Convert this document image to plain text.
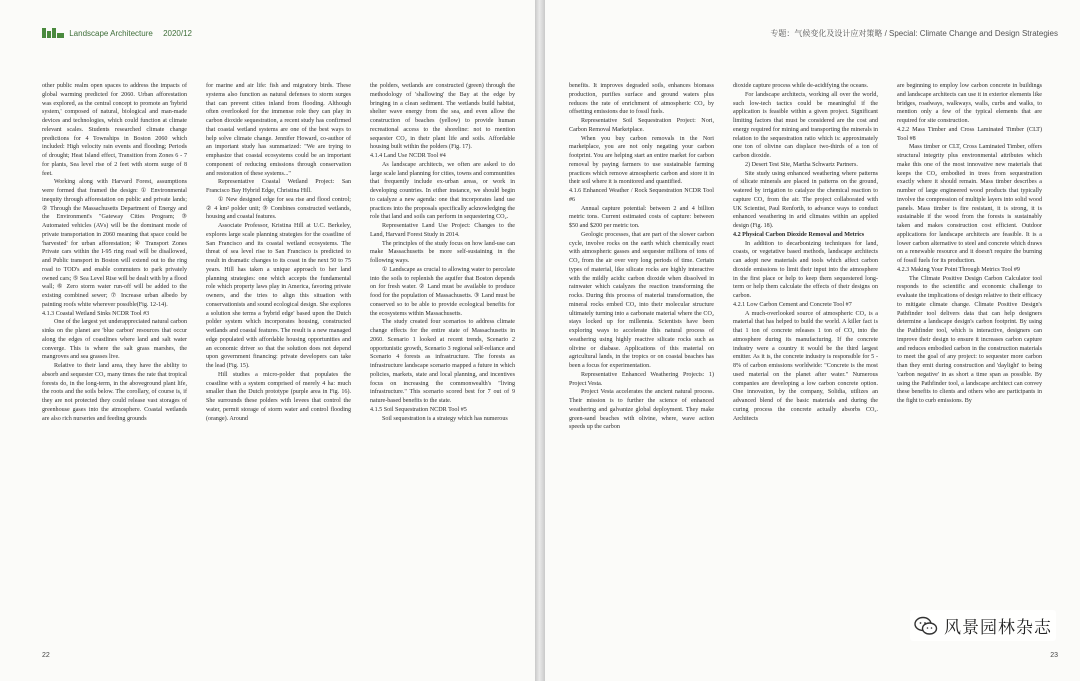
Landscape Architecture 2020/12

other public realm open spaces to address the impacts of global warming predicted for 2060. Urban afforestation was explored, as the central concept to promote an 'hybrid system,' composed of natural, biological and man-made devices and technologies, which could function at climate relevant scales. Students researched climate change predictions for 4 Townships in Boston 2060 which included: High velocity rain events and flooding; Periods of drought; Heat Island effect, Transition from Zones 6 - 7 for plants, Sea level rise of 2 feet with storm surge of 8 feet.

Working along with Harvard Forest, assumptions were formed that framed the design: ① Environmental inequity through afforestation on public and private lands; ② Through the Massachusetts Department of Energy and the Environment's "Gateway Cities Program; ③ Automated vehicles (AVs) will be the dominant mode of private transportation in 2060 meaning that space could be 'harvested' for urban afforestation; ④ Transport Zones Private cars within the I-95 ring road will be disallowed, and Public transport in Boston will extend out to the ring road to TOD's and enable commuters to park privately owned cars; ⑤ Sea Level Rise will be dealt with by a flood wall; ⑥ Zero storm water run-off will be added to the existing combined sewer; ⑦ Increase urban albedo by painting roofs white wherever possible(Fig. 12-14).

4.1.3 Coastal Wetland Sinks NCDR Tool #3

One of the largest yet underappreciated natural carbon sinks on the planet are 'blue carbon' resources that occur along the edges of coastlines where land and salt water converge. This is where the salt grass marshes, the mangroves and sea grasses live.

Relative to their land area, they have the ability to absorb and sequester CO₂ many times the rate that tropical forests do, in the long-term, in the aboveground plant life, the roots and the soils below. The corollary, of course is, if they are not protected they could release vast storages of greenhouse gases into the atmosphere. Coastal wetlands are also rich nurseries and feeding grounds

for marine and air life: fish and migratory birds. These systems also function as natural defenses to storm surges that can prevent cities inland from flooding. Although often overlooked for the immense role they can play in carbon dioxide sequestration, a recent study has confirmed that coastal wetland systems are one of the best ways to help solve climate change. Jennifer Howard, co-author of an important study has summarized: "We are trying to emphasize that coastal ecosystems could be an important component of reducing emissions through conservation and restoration of these systems..."

Representative Coastal Wetland Project: San Francisco Bay Hybrid Edge, Christina Hill.

① New designed edge for sea rise and flood control; ② 4 km² polder unit; ③ Combines constructed wetlands, housing and coastal features.

Associate Professor, Kristina Hill at U.C. Berkeley, explores large scale planning strategies for the coastline of San Francisco and its coastal wetland ecosystems. The threat of sea level rise to San Francisco is predicted to result in dramatic changes to its coast in the next 50 to 75 years. Hill has taken a unique approach to her land planning strategies: one which accepts the fundamental role which property laws play in America, favoring private owners, and the tries to align this situation with conservationists and sound ecological design. She explores a solution she terms a 'hybrid edge' based upon the Dutch polder system which incorporates housing, constructed wetlands and coastal features. The result is a new managed edge populated with affordable housing opportunities and an economic driver so that the solution does not depend upon government financing: private developers can take the lead (Fig. 15).

Hill studies a micro-polder that populates the coastline with a system comprised of merely 4 ha: much smaller than the Dutch prototype (purple area in Fig. 16). She surrounds these polders with levees that control the water, permit storage of storm water and control flooding (orange). Around

the polders, wetlands are constructed (green) through the methodology of 'shallowing' the Bay at the edge by bringing in a clean sediment. The wetlands build habitat, shelter wave energy from the sea, and even allow the construction of beaches (yellow) to provide human recreational access to the shoreline: not to mention sequester CO₂ in their plant life and soils. Affordable housing built within the polders (Fig. 17).

4.1.4 Land Use NCDR Tool #4

As landscape architects, we often are asked to do large scale land planning for cities, towns and communities that frequently include ex-urban areas, or work in developing countries. In either instance, we should begin to catalyze a new agenda: one that incorporates land use practices into the proposals specifically acknowledging the role that land and soils can perform in sequestering CO₂.

Representative Land Use Project: Changes to the Land, Harvard Forest Study in 2014.

The principles of the study focus on how land-use can make Massachusetts be more self-sustaining in the following ways.

① Landscape as crucial to allowing water to percolate into the soils to replenish the aquifer that Boston depends on for fresh water. ② Land must be available to produce food for the population of Massachusetts. ③ Land must be conserved so to be able to provide ecological benefits for the ecosystems within Massachusetts.

The study created four scenarios to address climate change effects for the entire state of Massachusetts in 2060. Scenario 1 looked at recent trends, Scenario 2 opportunistic growth, Scenario 3 regional self-reliance and Scenario 4 forests as infrastructure. The forests as infrastructure landscape scenario mapped a future in which policies, markets, state and local planning, and incentives focus on increasing the commonwealth's "living infrastructure." This scenario scored best for 7 out of 9 nature-based benefits to the state.

4.1.5 Soil Sequestration NCDR Tool #5

Soil sequestration is a strategy which has numerous

22
专题：气候变化及设计应对策略 / Special: Climate Change and Design Strategies

benefits. It improves degraded soils, enhances biomass production, purifies surface and ground waters plus reduces the rate of enrichment of atmospheric CO₂ by offsetting emissions due to fossil fuels.

Representative Soil Sequestration Project: Nori, Carbon Removal Marketplace.

When you buy carbon removals in the Nori marketplace, you are not only negating your carbon footprint. You are helping start an entire market for carbon removal by paying farmers to use sustainable farming practices which remove atmospheric carbon and store it in their soil where it is monitored and quantified.

4.1.6 Enhanced Weather / Rock Sequestration NCDR Tool #6

Annual capture potential: between 2 and 4 billion metric tons. Current estimated costs of capture: between $50 and $200 per metric ton.

Geologic processes, that are part of the slower carbon cycle, involve rocks on the earth which chemically react with atmospheric gasses and sequester millions of tons of CO₂ from the air over very long periods of time. Certain types of material, like silicate rocks are highly interactive with the mildly acidic carbon dioxide when dissolved in rainwater which catalyzes the reaction transforming the rocks. During this process of material transformation, the mineral rocks embed CO₂ into their molecular structure ultimately turning into a carbonate material where the CO₂ stays locked up for millennia. Scientists have been exploring ways to accelerate this natural process of weathering using highly reactive silicate rocks such as olivine or diabase. Applications of this material on agricultural lands, in the tropics or on coastal beaches has been a focus for experimentation.

Representative Enhanced Weathering Projects: 1) Project Vesta.

Project Vesta accelerates the ancient natural process. Their mission is to further the science of enhanced weathering and galvanize global deployment. They make green-sand beaches with olivine, where, wave action speeds up the carbon

dioxide capture process while de-acidifying the oceans.

For landscape architects, working all over the world, such low-tech tactics could be meaningful if the application is feasible within a given project. Significant limiting factors that must be considered are the cost and energy required for mining and transporting the minerals in relation to the sequestration ratio which is: approximately one ton of olivine can displace two-thirds of a ton of carbon dioxide.

2) Desert Test Site, Martha Schwartz Partners.

Site study using enhanced weathering where patterns of silicate minerals are placed in patterns on the ground, watered by irrigation to catalyze the chemical reaction to capture CO₂ from the air. The project collaborated with UK Scientist, Paul Renforth, to advance ways to conduct enhanced weathering in arid climates within an applied design (Fig. 18).

4.2 Physical Carbon Dioxide Removal and Metrics

In addition to decarbonizing techniques for land, coasts, or vegetative based methods, landscape architects can adopt new materials and tools which affect carbon dioxide emissions to limit their input into the atmosphere in the first place or help to keep them sequestered long-term or help them calculate the effects of their designs on carbon.

4.2.1 Low Carbon Cement and Concrete Tool #7

A much-overlooked source of atmospheric CO₂ is a material that has helped to build the world. A killer fact is that 1 ton of concrete releases 1 ton of CO₂ into the atmosphere during its manufacturing. If the concrete industry were a country it would be the third largest emitter. As it is, the concrete industry is responsible for 5 - 8% of carbon emissions worldwide: "Concrete is the most used material on the planet after water." Numerous companies are developing a low carbon concrete option. One innovation, by the company, Solidia, utilizes an advanced blend of the basic materials and during the curing process the concrete actually absorbs CO₂. Architects

are beginning to employ low carbon concrete in buildings and landscape architects can use it in exterior elements like bridges, roadways, walkways, walls, curbs and walks, to mention only a few of the typical elements that are required for site construction.

4.2.2 Mass Timber and Cross Laminated Timber (CLT) Tool #8

Mass timber or CLT, Cross Laminated Timber, offers structural integrity plus environmental attributes which make this one of the most innovative new materials that keeps the CO₂ embodied in trees from sequestration exactly where it should remain. Mass timber describes a number of large engineered wood products that typically involve the compression of multiple layers into solid wood panels. Mass timber is fire resistant, it is strong, it is sustainable if the wood from the forests is sustainably taken and makes construction cost efficient. Outdoor applications for landscape architects are feasible. It is a lower carbon alternative to steel and concrete which draws on a renewable resource and it doesn't require the burning of fossil fuels for its production.

4.2.3 Making Your Point Through Metrics Tool #9

The Climate Positive Design Carbon Calculator tool responds to the scientific and economic challenge to evaluate the implications of design relative to their efficacy to mitigate climate change. Climate Positive Design's Pathfinder tool delivers data that can help designers determine a landscape design's carbon footprint. By using the Pathfinder tool, which is interactive, designers can improve their design to ensure it increases carbon capture and reduces embodied carbon in the construction materials to meet the goal of any project: to sequester more carbon than they emit during construction and 'daylight' to being 'carbon negative' in as short a time span as possible. By using the Pathfinder tool, a landscape architect can convey these benefits to clients and others who are participants in the fight to curb emissions. By

23
风景园林杂志
